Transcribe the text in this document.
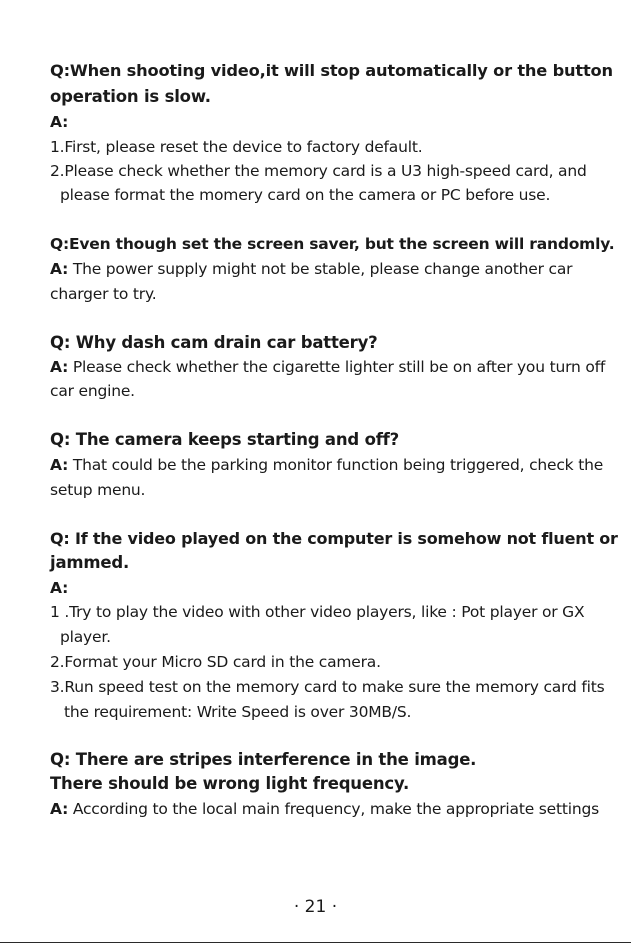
Q:When shooting video,it will stop automatically or the button
operation is slow.
A:
1.First, please reset the device to factory default.
2.Please check whether the memory card is a U3 high-speed card, and
please format the momery card on the camera or PC before use.
Q:Even though set the screen saver, but the screen will randomly.
A: The power supply might not be stable, please change another car
charger to try.
Q: Why dash cam drain car battery?
A: Please check whether the cigarette lighter still be on after you turn off
car engine.
Q: The camera keeps starting and off?
A: That could be the parking monitor function being triggered, check the
setup menu.
Q: If the video played on the computer is somehow not fluent or
jammed.
A:
1 .Try to play the video with other video players, like : Pot player or GX
player.
2.Format your Micro SD card in the camera.
3.Run speed test on the memory card to make sure the memory card fits
the requirement: Write Speed is over 30MB/S.
Q: There are stripes interference in the image.
There should be wrong light frequency.
A: According to the local main frequency, make the appropriate settings
· 21 ·
